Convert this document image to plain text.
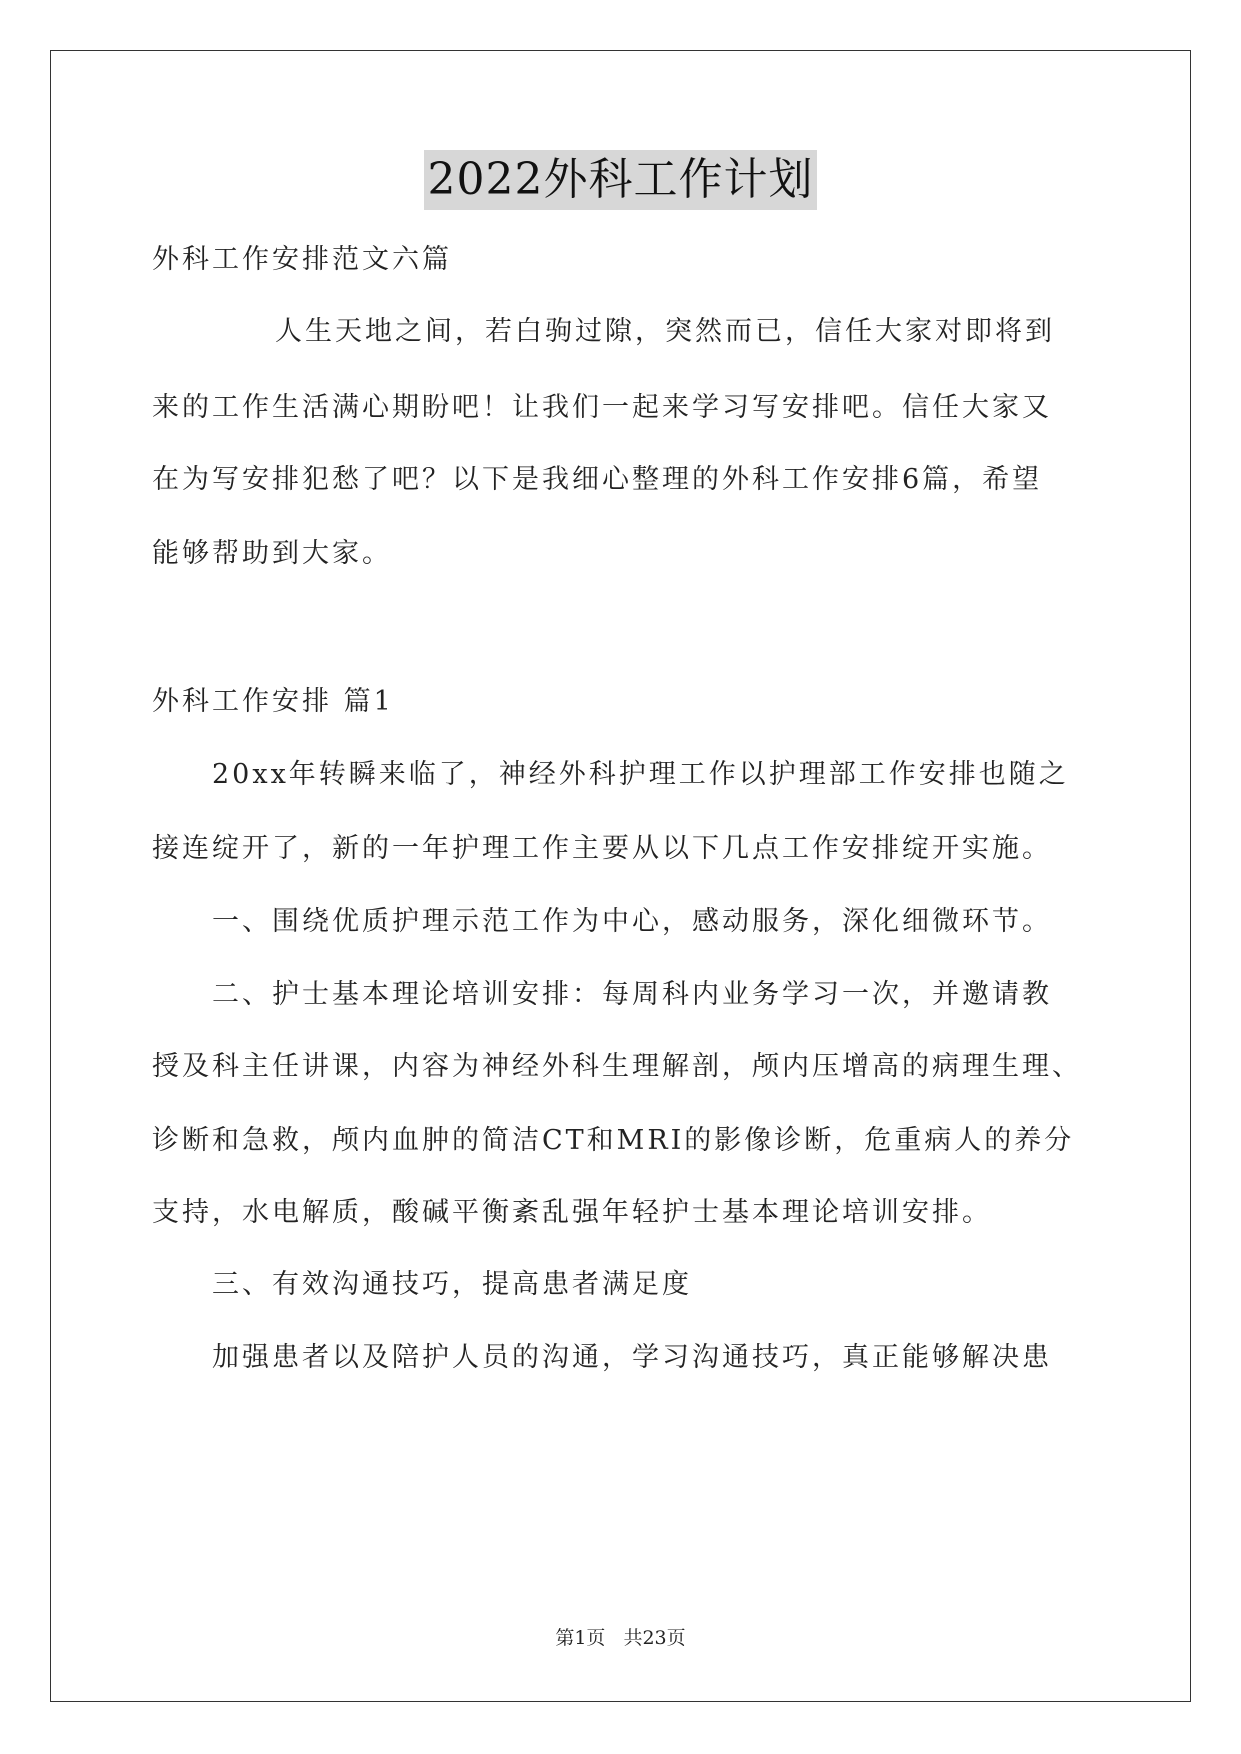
2022外科工作计划
外科工作安排范文六篇
人生天地之间，若白驹过隙，突然而已，信任大家对即将到
来的工作生活满心期盼吧！让我们一起来学习写安排吧。信任大家又
在为写安排犯愁了吧？以下是我细心整理的外科工作安排6篇，希望
能够帮助到大家。
外科工作安排 篇1
20xx年转瞬来临了，神经外科护理工作以护理部工作安排也随之
接连绽开了，新的一年护理工作主要从以下几点工作安排绽开实施。
一、围绕优质护理示范工作为中心，感动服务，深化细微环节。
二、护士基本理论培训安排：每周科内业务学习一次，并邀请教
授及科主任讲课，内容为神经外科生理解剖，颅内压增高的病理生理、
诊断和急救，颅内血肿的简洁CT和MRI的影像诊断，危重病人的养分
支持，水电解质，酸碱平衡紊乱强年轻护士基本理论培训安排。
三、有效沟通技巧，提高患者满足度
加强患者以及陪护人员的沟通，学习沟通技巧，真正能够解决患
第1页 共23页
